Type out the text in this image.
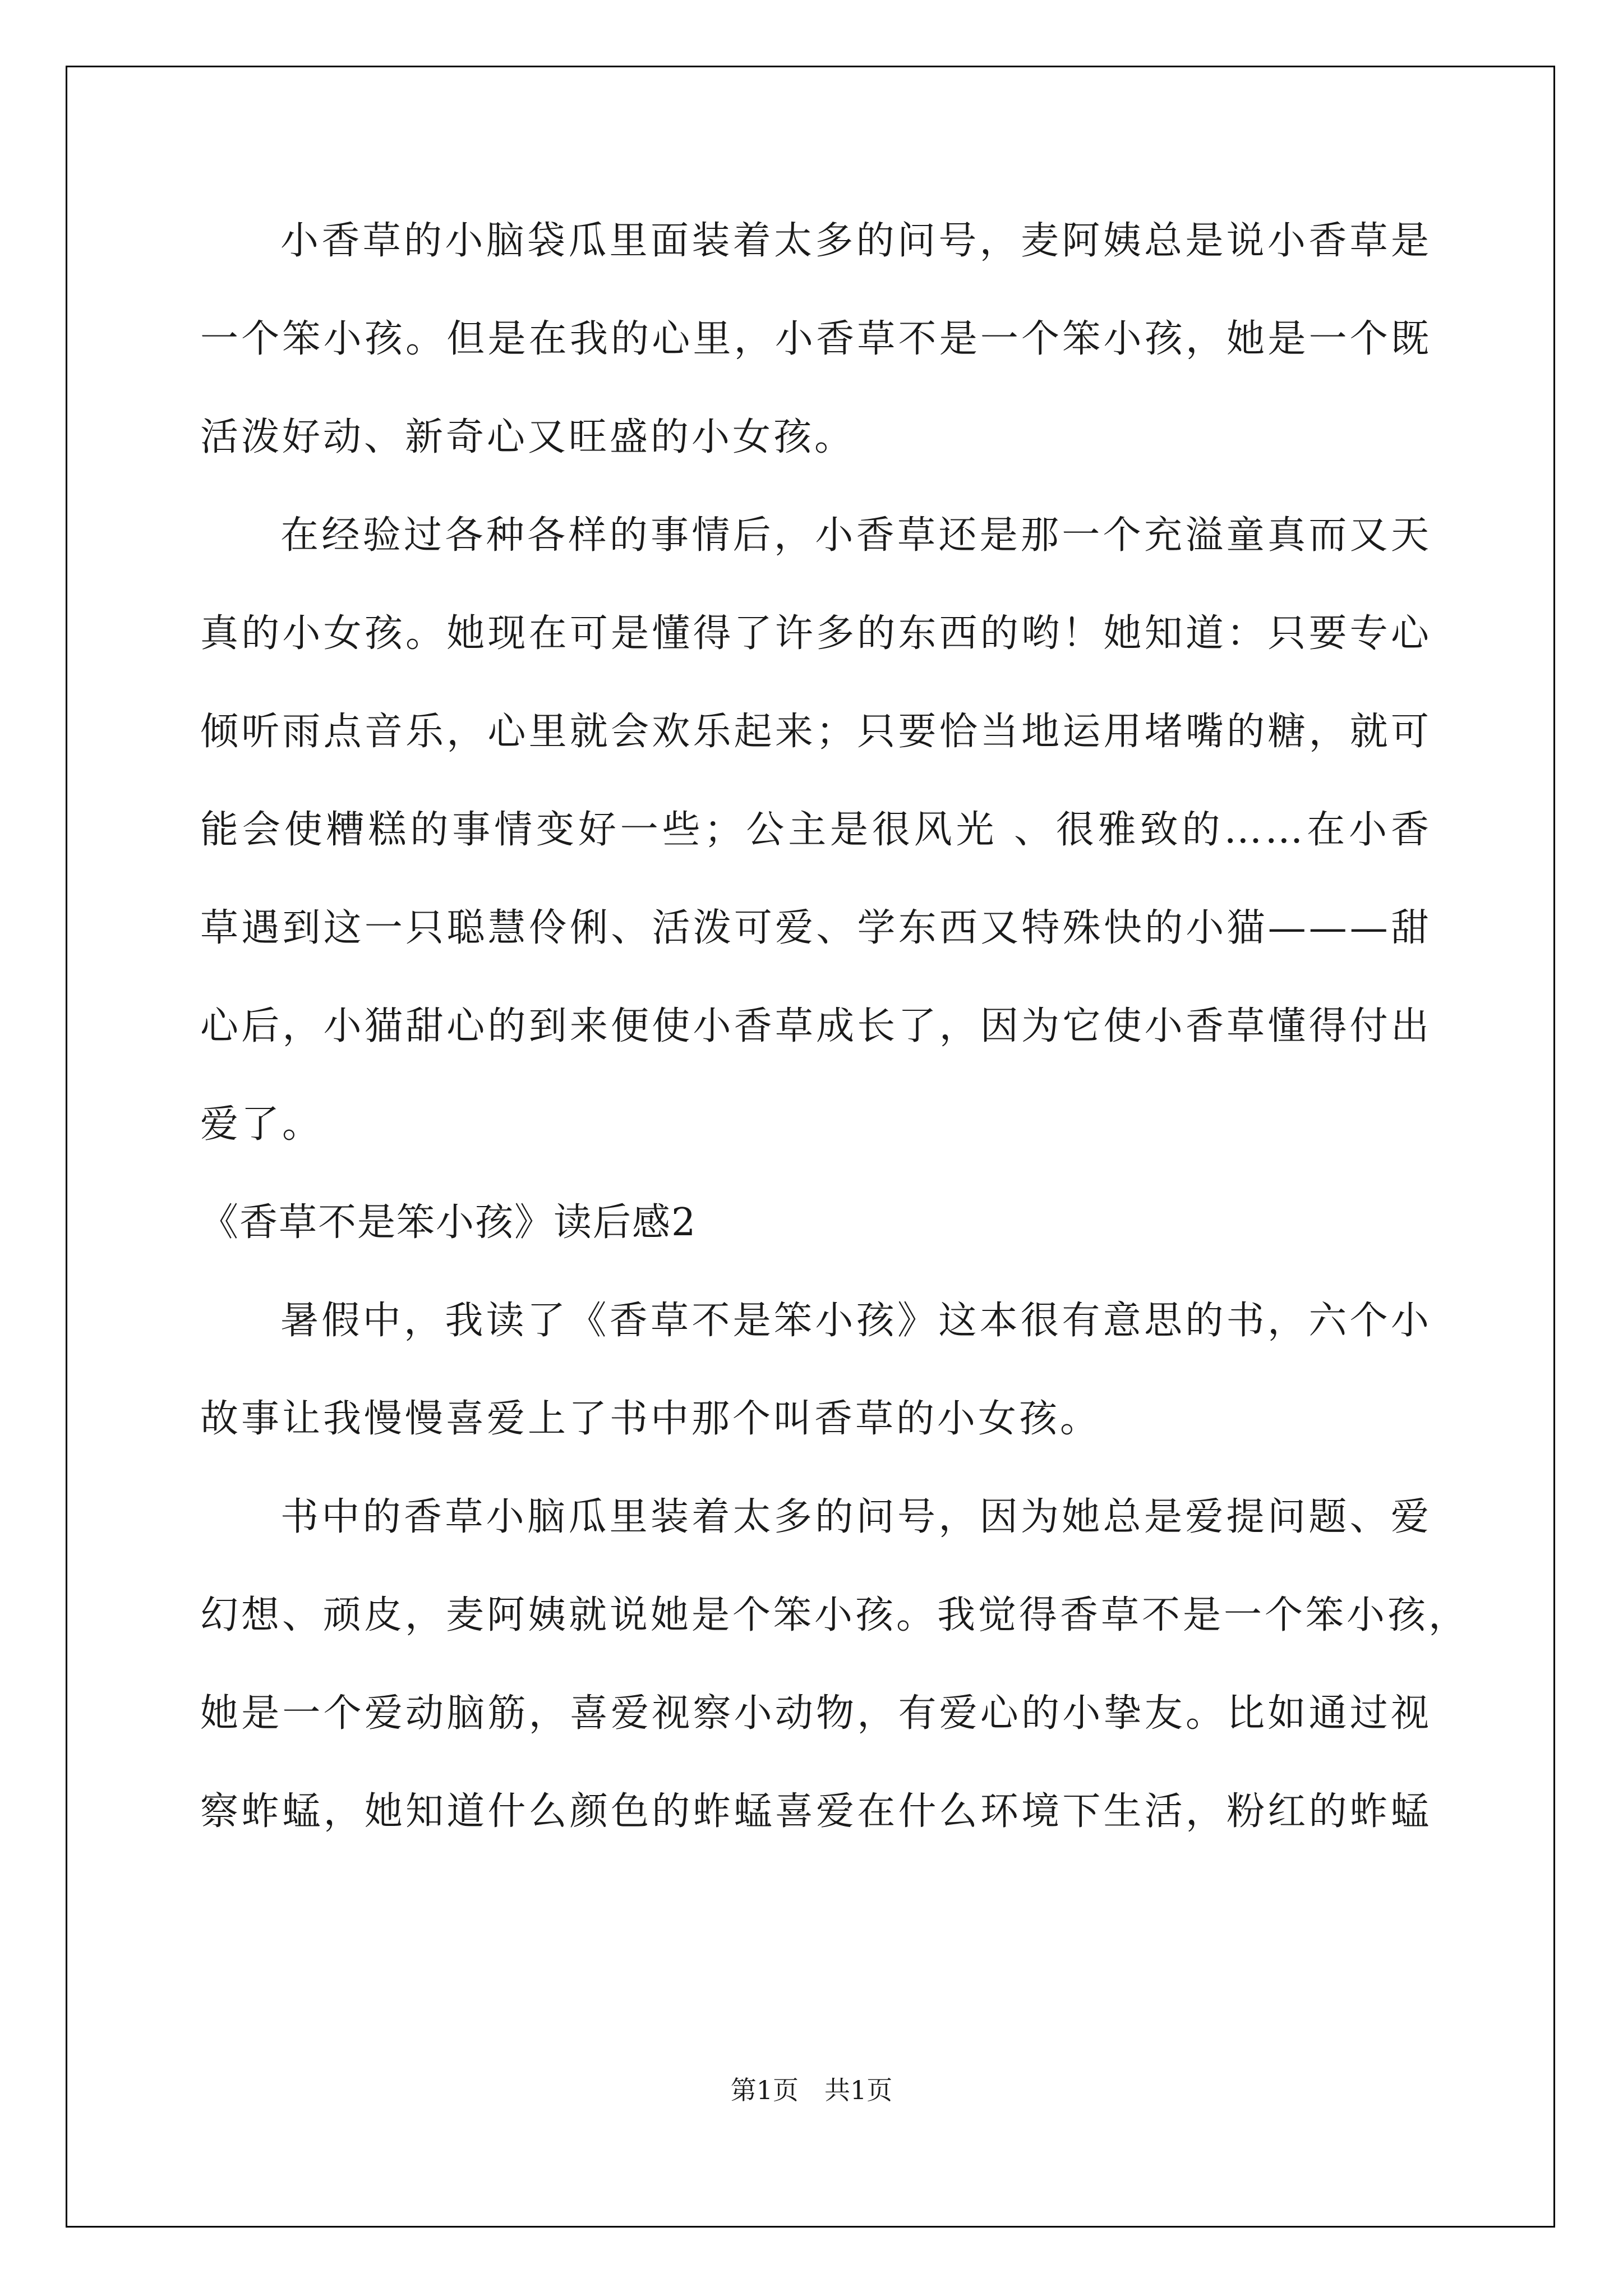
小香草的小脑袋瓜里面装着太多的问号，麦阿姨总是说小香草是
一个笨小孩。但是在我的心里，小香草不是一个笨小孩，她是一个既
活泼好动、新奇心又旺盛的小女孩。
在经验过各种各样的事情后，小香草还是那一个充溢童真而又天
真的小女孩。她现在可是懂得了许多的东西的哟！她知道：只要专心
倾听雨点音乐，心里就会欢乐起来；只要恰当地运用堵嘴的糖，就可
能会使糟糕的事情变好一些；公主是很风光 、很雅致的……在小香
草遇到这一只聪慧伶俐、活泼可爱、学东西又特殊快的小猫———甜
心后，小猫甜心的到来便使小香草成长了，因为它使小香草懂得付出
爱了。
《香草不是笨小孩》读后感2
暑假中，我读了《香草不是笨小孩》这本很有意思的书，六个小
故事让我慢慢喜爱上了书中那个叫香草的小女孩。
书中的香草小脑瓜里装着太多的问号，因为她总是爱提问题、爱
幻想、顽皮，麦阿姨就说她是个笨小孩。我觉得香草不是一个笨小孩，
她是一个爱动脑筋，喜爱视察小动物，有爱心的小挚友。比如通过视
察蚱蜢，她知道什么颜色的蚱蜢喜爱在什么环境下生活，粉红的蚱蜢
第1页　共1页
